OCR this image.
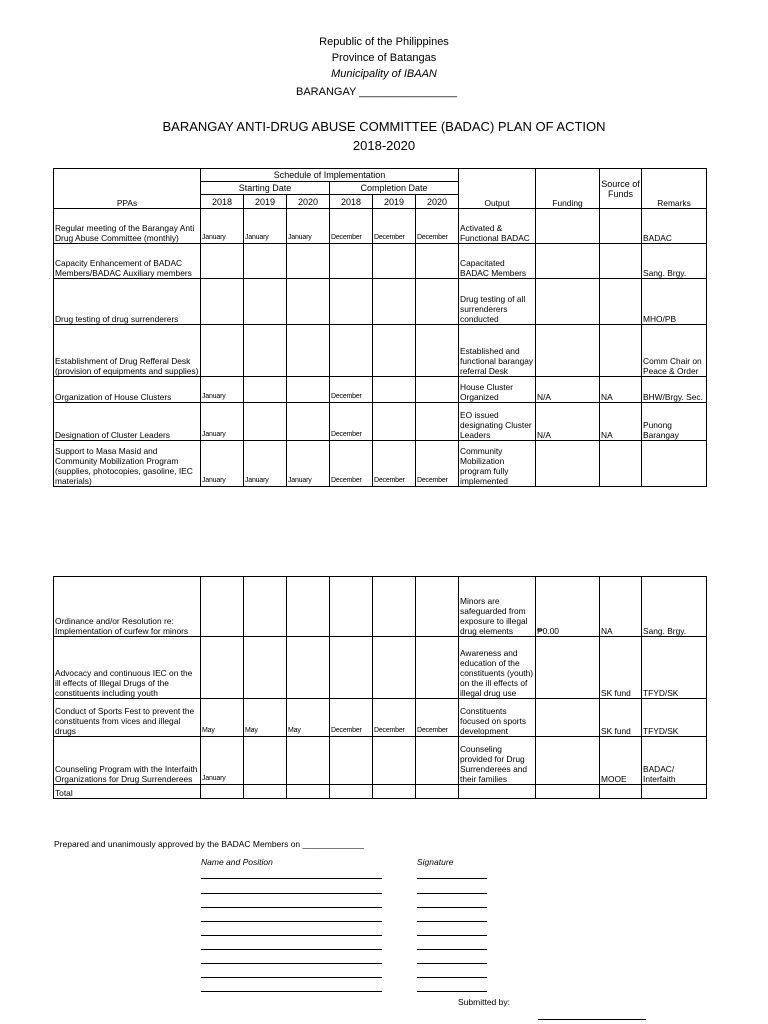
Republic of the Philippines
Province of Batangas
Municipality of IBAAN
BARANGAY ________________
BARANGAY ANTI-DRUG ABUSE COMMITTEE (BADAC) PLAN OF ACTION
2018-2020
PPAs	Schedule of Implementation						Output	Funding	Source of Funds	Remarks
	Starting Date			Completion Date						
	2018	2019	2020	2018	2019	2020				
Regular meeting of the Barangay Anti Drug Abuse Committee (monthly)	January	January	January	December	December	December	Activated & Functional BADAC			BADAC
Capacity Enhancement of BADAC Members/BADAC Auxiliary members							Capacitated BADAC Members			Sang. Brgy.
Drug testing of drug surrenderers							Drug testing of all surrenderers conducted			MHO/PB
Establishment of Drug Refferal Desk (provision of equipments and supplies)							Established and functional barangay referral Desk			Comm Chair on Peace & Order
Organization of House Clusters	January			December			House Cluster Organized	N/A	NA	BHW/Brgy. Sec.
Designation of Cluster Leaders	January			December			EO issued designating Cluster Leaders	N/A	NA	Punong Barangay
Support to Masa Masid and Community Mobilization Program (supplies, photocopies, gasoline, IEC materials)	January	January	January	December	December	December	Community Mobilization program fully implemented			
Ordinance and/or Resolution re: Implementation of curfew for minors							Minors are safeguarded from exposure to illegal drug elements	₱0.00	NA	Sang. Brgy.
Advocacy and continuous IEC on the ill effects of Illegal Drugs of the constituents including youth							Awareness and education of the constituents (youth) on the ill effects of illegal drug use		SK fund	TFYD/SK
Conduct of Sports Fest to prevent the constituents from vices and illegal drugs	May	May	May	December	December	December	Constituents focused on sports development		SK fund	TFYD/SK
Counseling Program with the Interfaith Organizations for Drug Surrenderees	January						Counseling provided for Drug Surrenderees and their families		MOOE	BADAC/ Interfaith
Total										
Prepared and unanimously approved by the BADAC Members on _____________
Name and Position	Signature
Submitted by:
